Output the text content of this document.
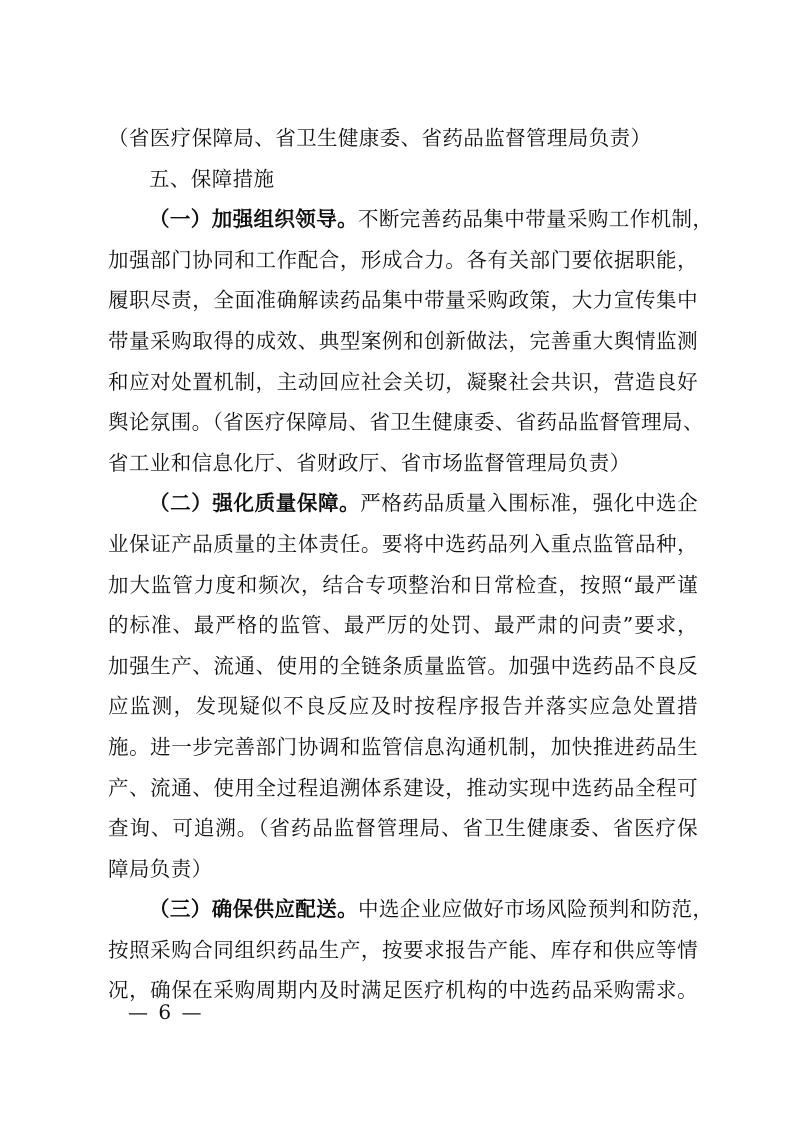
（省医疗保障局、省卫生健康委、省药品监督管理局负责）
五、保障措施
（一）加强组织领导。不断完善药品集中带量采购工作机制，
加强部门协同和工作配合，形成合力。各有关部门要依据职能，
履职尽责，全面准确解读药品集中带量采购政策，大力宣传集中
带量采购取得的成效、典型案例和创新做法，完善重大舆情监测
和应对处置机制，主动回应社会关切，凝聚社会共识，营造良好
舆论氛围。（省医疗保障局、省卫生健康委、省药品监督管理局、
省工业和信息化厅、省财政厅、省市场监督管理局负责）
（二）强化质量保障。严格药品质量入围标准，强化中选企
业保证产品质量的主体责任。要将中选药品列入重点监管品种，
加大监管力度和频次，结合专项整治和日常检查，按照“最严谨
的标准、最严格的监管、最严厉的处罚、最严肃的问责”要求，
加强生产、流通、使用的全链条质量监管。加强中选药品不良反
应监测，发现疑似不良反应及时按程序报告并落实应急处置措
施。进一步完善部门协调和监管信息沟通机制，加快推进药品生
产、流通、使用全过程追溯体系建设，推动实现中选药品全程可
查询、可追溯。（省药品监督管理局、省卫生健康委、省医疗保
障局负责）
（三）确保供应配送。中选企业应做好市场风险预判和防范，
按照采购合同组织药品生产，按要求报告产能、库存和供应等情
况，确保在采购周期内及时满足医疗机构的中选药品采购需求。
— 6 —
